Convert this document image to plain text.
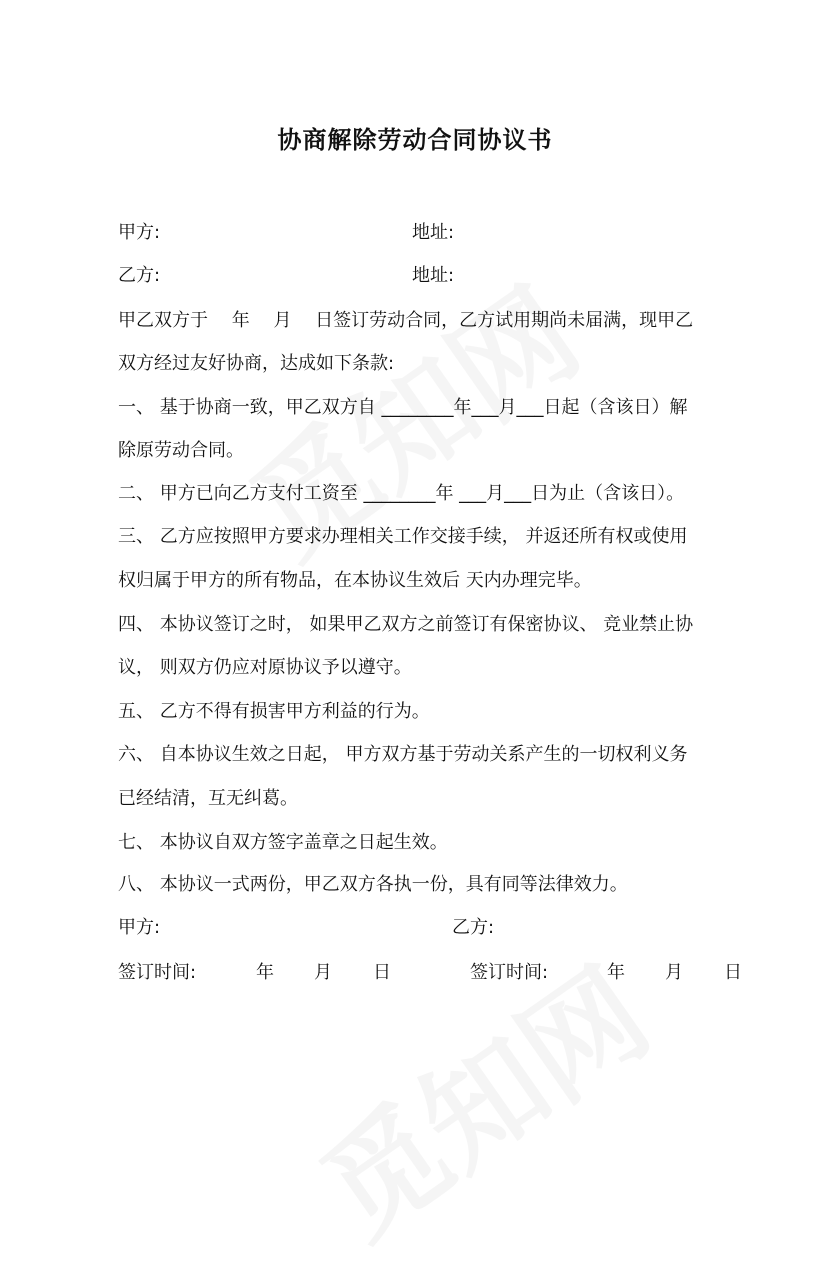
协商解除劳动合同协议书
甲方:	地址:
乙方:	地址:
甲乙双方于　 年　 月　 日签订劳动合同，乙方试用期尚未届满，现甲乙
双方经过友好协商，达成如下条款:
一、 基于协商一致，甲乙双方自 ________年___月___日起（含该日）解
除原劳动合同。
二、 甲方已向乙方支付工资至 ________年 ___月___日为止（含该日）。
三、 乙方应按照甲方要求办理相关工作交接手续， 并返还所有权或使用
权归属于甲方的所有物品，在本协议生效后 天内办理完毕。
四、 本协议签订之时， 如果甲乙双方之前签订有保密协议、 竞业禁止协
议， 则双方仍应对原协议予以遵守。
五、 乙方不得有损害甲方利益的行为。
六、 自本协议生效之日起， 甲方双方基于劳动关系产生的一切权利义务
已经结清，互无纠葛。
七、 本协议自双方签字盖章之日起生效。
八、 本协议一式两份，甲乙双方各执一份，具有同等法律效力。
甲方:	乙方:
签订时间:	年 月 日	签订时间:	年 月 日
